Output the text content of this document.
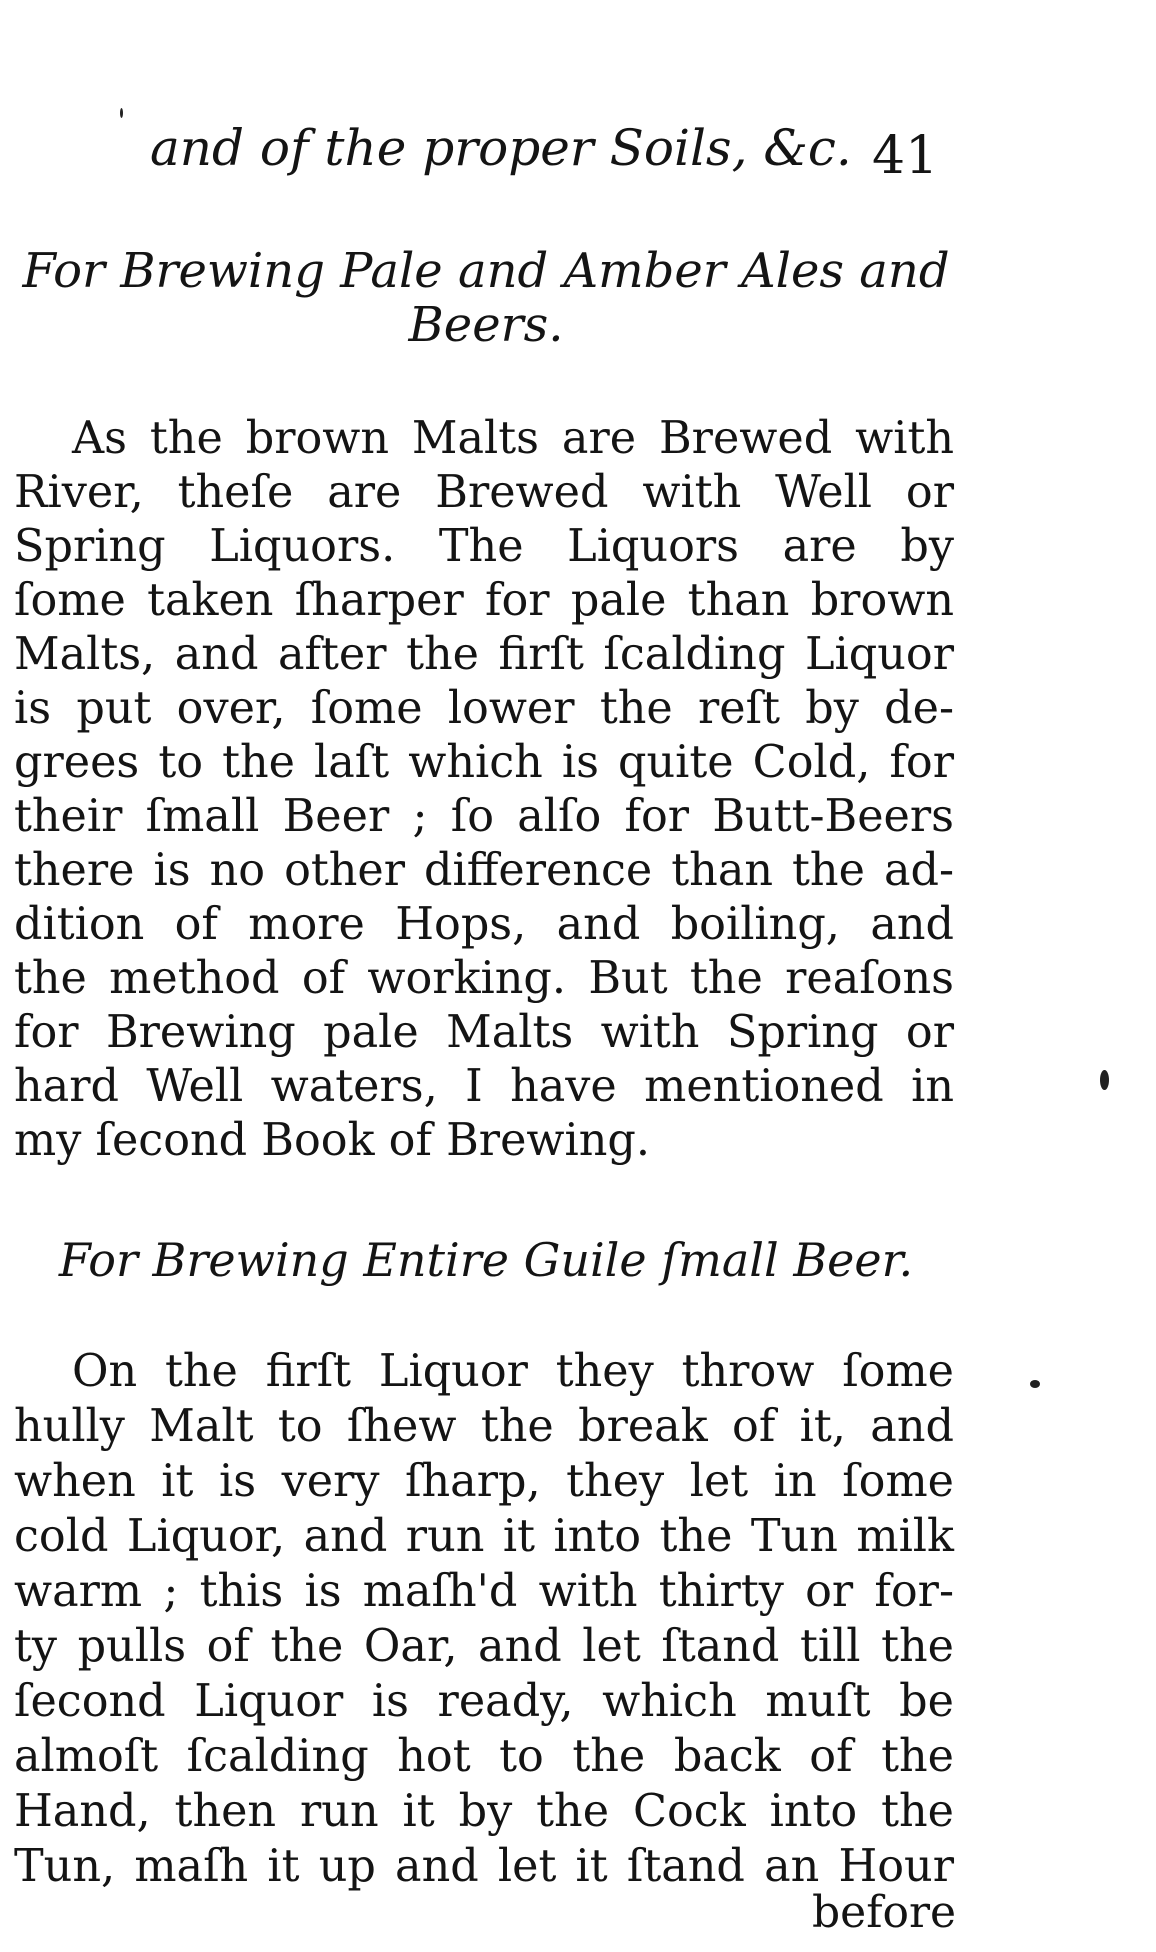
and of the proper Soils, &c. 41
For Brewing Pale and Amber Ales and
Beers.
As the brown Malts are Brewed with
River, theſe are Brewed with Well or
Spring Liquors. The Liquors are by
ſome taken ſharper for pale than brown
Malts, and after the firſt ſcalding Liquor
is put over, ſome lower the reſt by de-
grees to the laſt which is quite Cold, for
their ſmall Beer ; ſo alſo for Butt-Beers
there is no other difference than the ad-
dition of more Hops, and boiling, and
the method of working. But the reaſons
for Brewing pale Malts with Spring or
hard Well waters, I have mentioned in
my ſecond Book of Brewing.
For Brewing Entire Guile ſmall Beer.
On the firſt Liquor they throw ſome
hully Malt to ſhew the break of it, and
when it is very ſharp, they let in ſome
cold Liquor, and run it into the Tun milk
warm ; this is maſh'd with thirty or for-
ty pulls of the Oar, and let ſtand till the
ſecond Liquor is ready, which muſt be
almoſt ſcalding hot to the back of the
Hand, then run it by the Cock into the
Tun, maſh it up and let it ſtand an Hour
before
